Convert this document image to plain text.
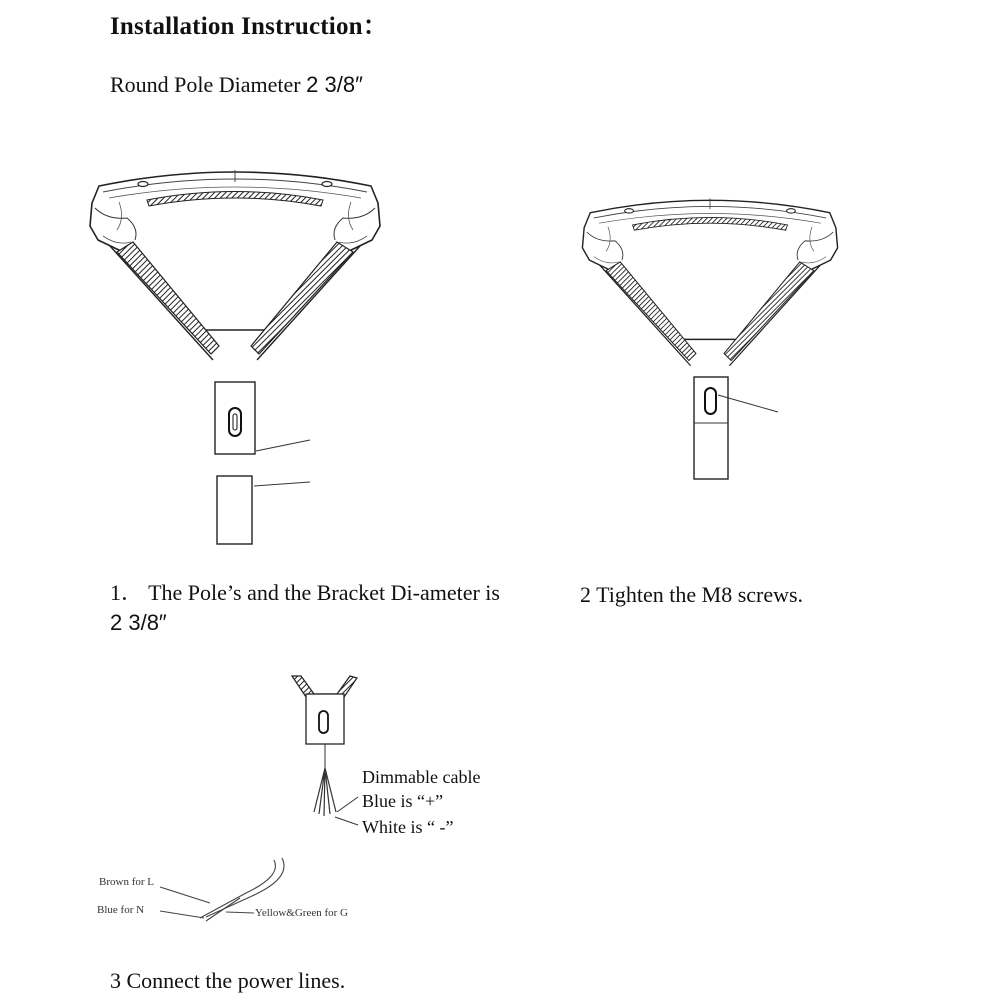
Installation Instruction：
Round Pole Diameter 2 3/8″
1． The Pole’s and the Bracket Di-ameter is 2 3/8″
2 Tighten the M8 screws.
3 Connect the power lines.
Dimmable cable
Blue is “+”
White is “ -”
Brown for L
Blue for N	Yellow&Green for G
